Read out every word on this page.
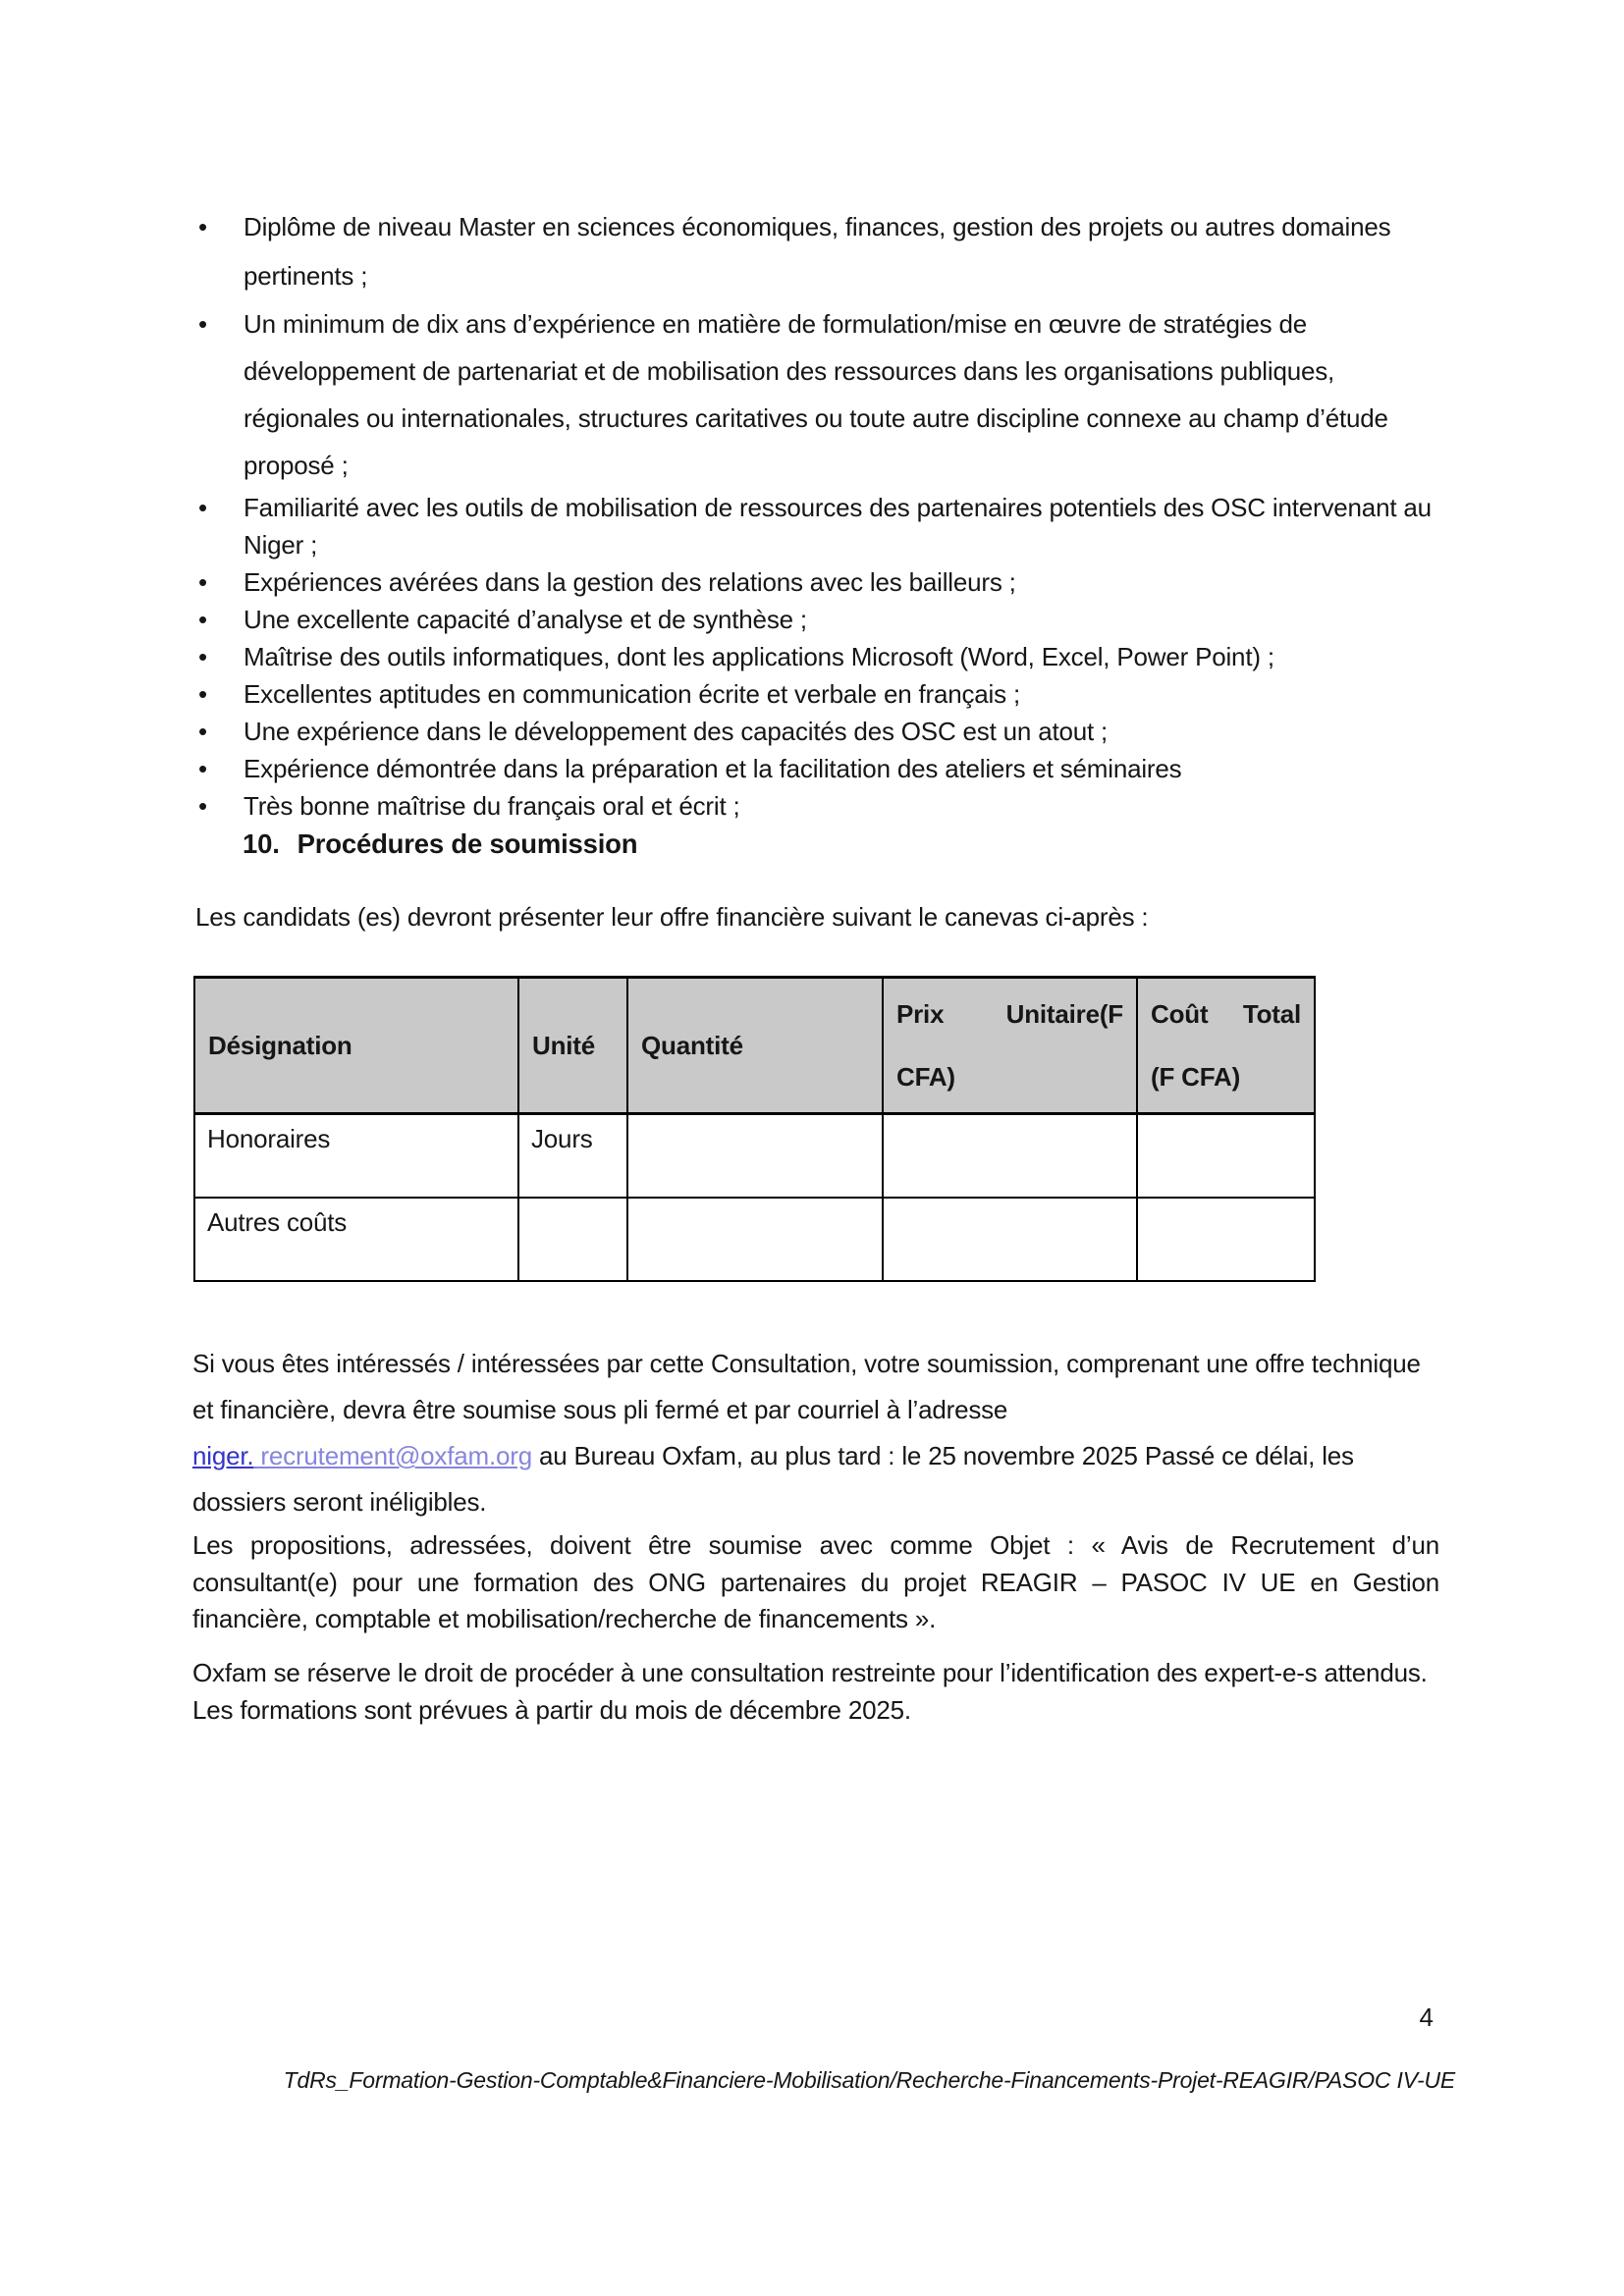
• Diplôme de niveau Master en sciences économiques, finances, gestion des projets ou autres domaines pertinents ;
• Un minimum de dix ans d’expérience en matière de formulation/mise en œuvre de stratégies de développement de partenariat et de mobilisation des ressources dans les organisations publiques, régionales ou internationales, structures caritatives ou toute autre discipline connexe au champ d’étude proposé ;
• Familiarité avec les outils de mobilisation de ressources des partenaires potentiels des OSC intervenant au Niger ;
• Expériences avérées dans la gestion des relations avec les bailleurs ;
• Une excellente capacité d’analyse et de synthèse ;
• Maîtrise des outils informatiques, dont les applications Microsoft (Word, Excel, Power Point) ;
• Excellentes aptitudes en communication écrite et verbale en français ;
• Une expérience dans le développement des capacités des OSC est un atout ;
• Expérience démontrée dans la préparation et la facilitation des ateliers et séminaires
• Très bonne maîtrise du français oral et écrit ;
10. Procédures de soumission

Les candidats (es) devront présenter leur offre financière suivant le canevas ci-après :

Désignation	Unité	Quantité	Prix Unitaire(F CFA)	Coût Total (F CFA)

Honoraires	Jours			
Autres coûts				

Si vous êtes intéressés / intéressées par cette Consultation, votre soumission, comprenant une offre technique et financière, devra être soumise sous pli fermé et par courriel à l’adresse
niger. recrutement@oxfam.org au Bureau Oxfam, au plus tard : le 25 novembre 2025 Passé ce délai, les dossiers seront inéligibles.

Les propositions, adressées, doivent être soumise avec comme Objet : « Avis de Recrutement d’un consultant(e) pour une formation des ONG partenaires du projet REAGIR – PASOC IV UE en Gestion financière, comptable et mobilisation/recherche de financements ».

Oxfam se réserve le droit de procéder à une consultation restreinte pour l’identification des expert-e-s attendus. Les formations sont prévues à partir du mois de décembre 2025.

4
TdRs_Formation-Gestion-Comptable&Financiere-Mobilisation/Recherche-Financements-Projet-REAGIR/PASOC IV-UE
